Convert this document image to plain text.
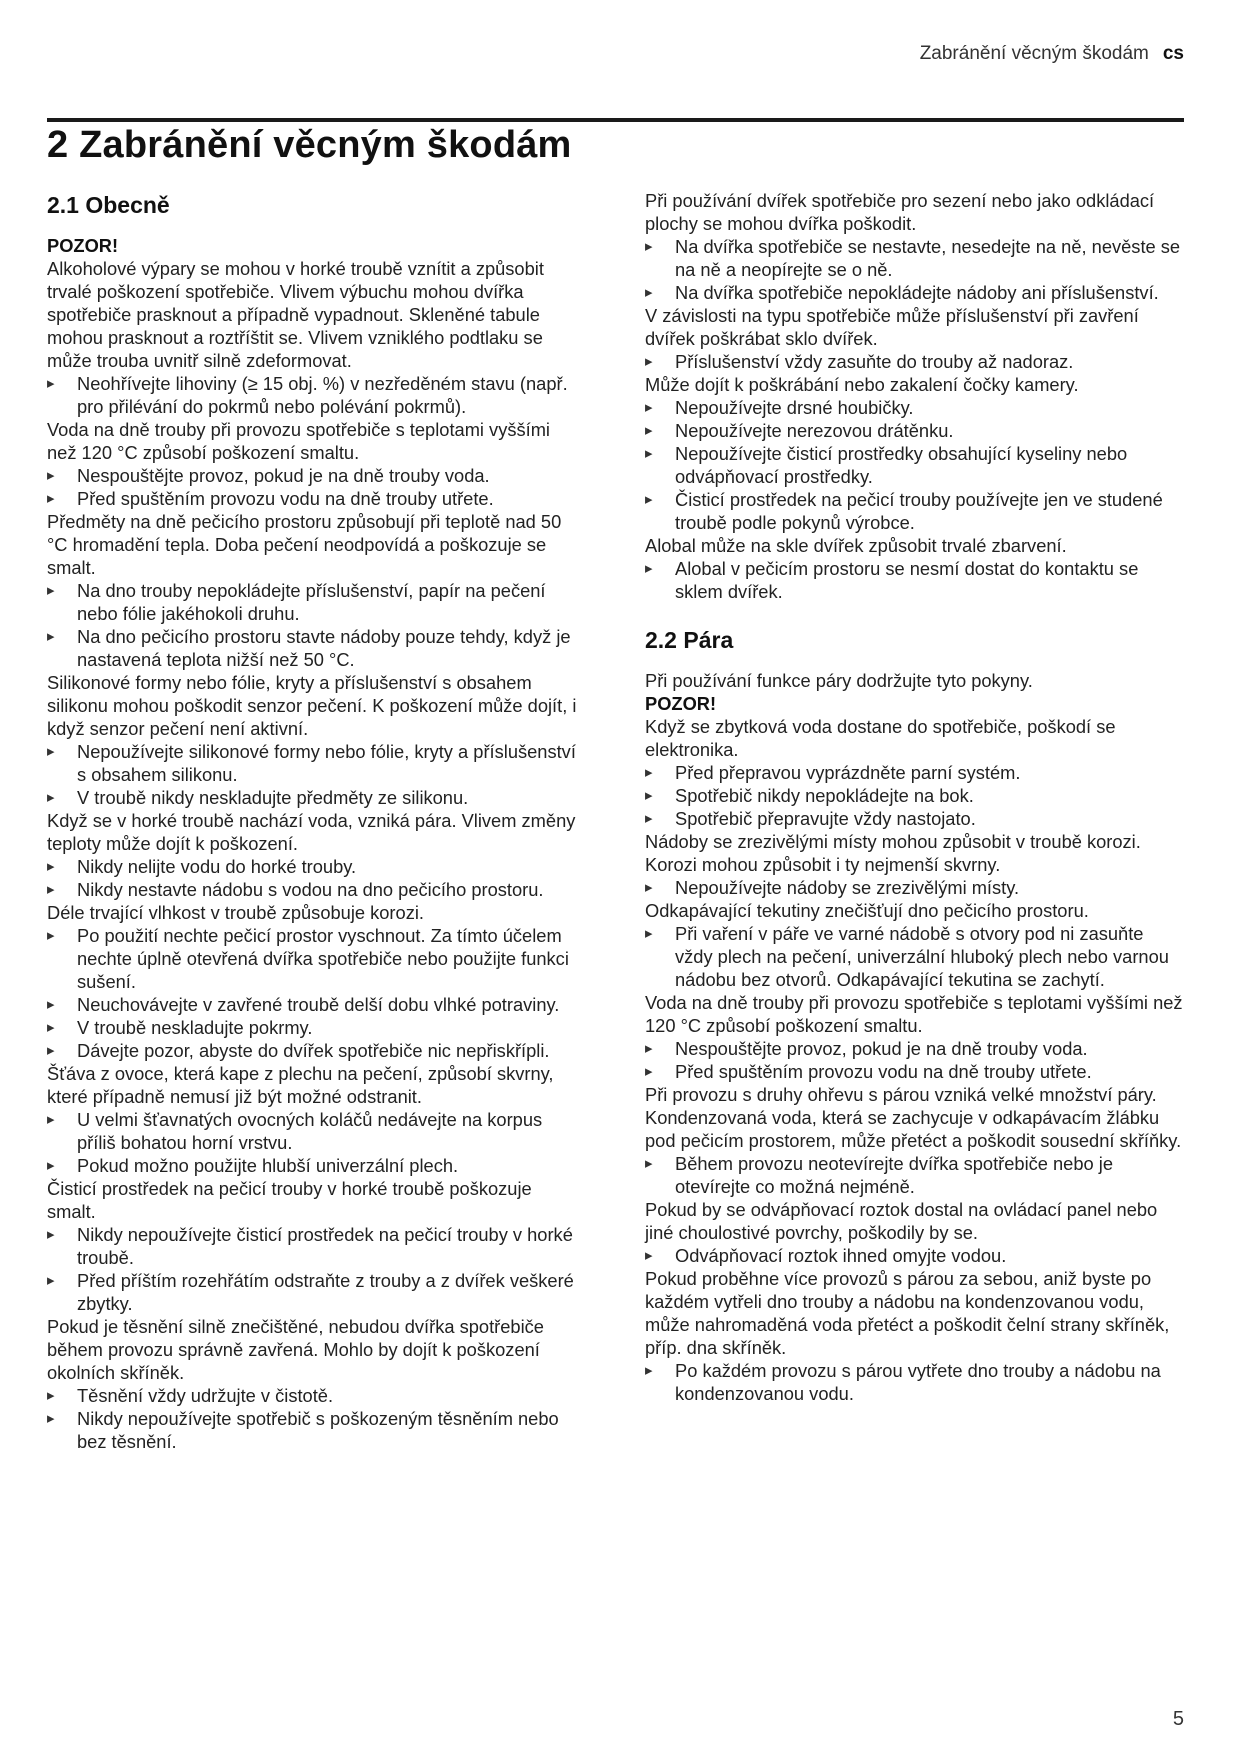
Zabránění věcným škodám cs
2 Zabránění věcným škodám
2.1 Obecně

POZOR!

Alkoholové výpary se mohou v horké troubě vznítit a způsobit trvalé poškození spotřebiče. Vlivem výbuchu mohou dvířka spotřebiče prasknout a případně vypadnout. Skleněné tabule mohou prasknout a roztříštit se. Vlivem vzniklého podtlaku se může trouba uvnitř silně zdeformovat.

▸ Neohřívejte lihoviny (≥ 15 obj. %) v nezředěném stavu (např. pro přilévání do pokrmů nebo polévání pokrmů).

Voda na dně trouby při provozu spotřebiče s teplotami vyššími než 120 °C způsobí poškození smaltu.

▸ Nespouštějte provoz, pokud je na dně trouby voda.
▸ Před spuštěním provozu vodu na dně trouby utřete.

Předměty na dně pečicího prostoru způsobují při teplotě nad 50 °C hromadění tepla. Doba pečení neodpovídá a poškozuje se smalt.

▸ Na dno trouby nepokládejte příslušenství, papír na pečení nebo fólie jakéhokoli druhu.
▸ Na dno pečicího prostoru stavte nádoby pouze tehdy, když je nastavená teplota nižší než 50 °C.

Silikonové formy nebo fólie, kryty a příslušenství s obsahem silikonu mohou poškodit senzor pečení. K poškození může dojít, i když senzor pečení není aktivní.

▸ Nepoužívejte silikonové formy nebo fólie, kryty a příslušenství s obsahem silikonu.
▸ V troubě nikdy neskladujte předměty ze silikonu.

Když se v horké troubě nachází voda, vzniká pára. Vlivem změny teploty může dojít k poškození.

▸ Nikdy nelijte vodu do horké trouby.
▸ Nikdy nestavte nádobu s vodou na dno pečicího prostoru.

Déle trvající vlhkost v troubě způsobuje korozi.

▸ Po použití nechte pečicí prostor vyschnout. Za tímto účelem nechte úplně otevřená dvířka spotřebiče nebo použijte funkci sušení.
▸ Neuchovávejte v zavřené troubě delší dobu vlhké potraviny.
▸ V troubě neskladujte pokrmy.
▸ Dávejte pozor, abyste do dvířek spotřebiče nic nepřiskřípli.

Šťáva z ovoce, která kape z plechu na pečení, způsobí skvrny, které případně nemusí již být možné odstranit.

▸ U velmi šťavnatých ovocných koláčů nedávejte na korpus příliš bohatou horní vrstvu.
▸ Pokud možno použijte hlubší univerzální plech.

Čisticí prostředek na pečicí trouby v horké troubě poškozuje smalt.

▸ Nikdy nepoužívejte čisticí prostředek na pečicí trouby v horké troubě.
▸ Před příštím rozehřátím odstraňte z trouby a z dvířek veškeré zbytky.

Pokud je těsnění silně znečištěné, nebudou dvířka spotřebiče během provozu správně zavřená. Mohlo by dojít k poškození okolních skříněk.

▸ Těsnění vždy udržujte v čistotě.
▸ Nikdy nepoužívejte spotřebič s poškozeným těsněním nebo bez těsnění.

Při používání dvířek spotřebiče pro sezení nebo jako odkládací plochy se mohou dvířka poškodit.

▸ Na dvířka spotřebiče se nestavte, nesedejte na ně, nevěste se na ně a neopírejte se o ně.
▸ Na dvířka spotřebiče nepokládejte nádoby ani příslušenství.

V závislosti na typu spotřebiče může příslušenství při zavření dvířek poškrábat sklo dvířek.

▸ Příslušenství vždy zasuňte do trouby až nadoraz.

Může dojít k poškrábání nebo zakalení čočky kamery.

▸ Nepoužívejte drsné houbičky.
▸ Nepoužívejte nerezovou drátěnku.
▸ Nepoužívejte čisticí prostředky obsahující kyseliny nebo odvápňovací prostředky.
▸ Čisticí prostředek na pečicí trouby používejte jen ve studené troubě podle pokynů výrobce.

Alobal může na skle dvířek způsobit trvalé zbarvení.

▸ Alobal v pečicím prostoru se nesmí dostat do kontaktu se sklem dvířek.
2.2 Pára

Při používání funkce páry dodržujte tyto pokyny.

POZOR!

Když se zbytková voda dostane do spotřebiče, poškodí se elektronika.

▸ Před přepravou vyprázdněte parní systém.
▸ Spotřebič nikdy nepokládejte na bok.
▸ Spotřebič přepravujte vždy nastojato.

Nádoby se zrezivělými místy mohou způsobit v troubě korozi. Korozi mohou způsobit i ty nejmenší skvrny.

▸ Nepoužívejte nádoby se zrezivělými místy.

Odkapávající tekutiny znečišťují dno pečicího prostoru.

▸ Při vaření v páře ve varné nádobě s otvory pod ni zasuňte vždy plech na pečení, univerzální hluboký plech nebo varnou nádobu bez otvorů. Odkapávající tekutina se zachytí.

Voda na dně trouby při provozu spotřebiče s teplotami vyššími než 120 °C způsobí poškození smaltu.

▸ Nespouštějte provoz, pokud je na dně trouby voda.
▸ Před spuštěním provozu vodu na dně trouby utřete.

Při provozu s druhy ohřevu s párou vzniká velké množství páry. Kondenzovaná voda, která se zachycuje v odkapávacím žlábku pod pečicím prostorem, může přetéct a poškodit sousední skříňky.

▸ Během provozu neotevírejte dvířka spotřebiče nebo je otevírejte co možná nejméně.

Pokud by se odvápňovací roztok dostal na ovládací panel nebo jiné choulostivé povrchy, poškodily by se.

▸ Odvápňovací roztok ihned omyjte vodou.

Pokud proběhne více provozů s párou za sebou, aniž byste po každém vytřeli dno trouby a nádobu na kondenzovanou vodu, může nahromaděná voda přetéct a poškodit čelní strany skříněk, příp. dna skříněk.

▸ Po každém provozu s párou vytřete dno trouby a nádobu na kondenzovanou vodu.
5
